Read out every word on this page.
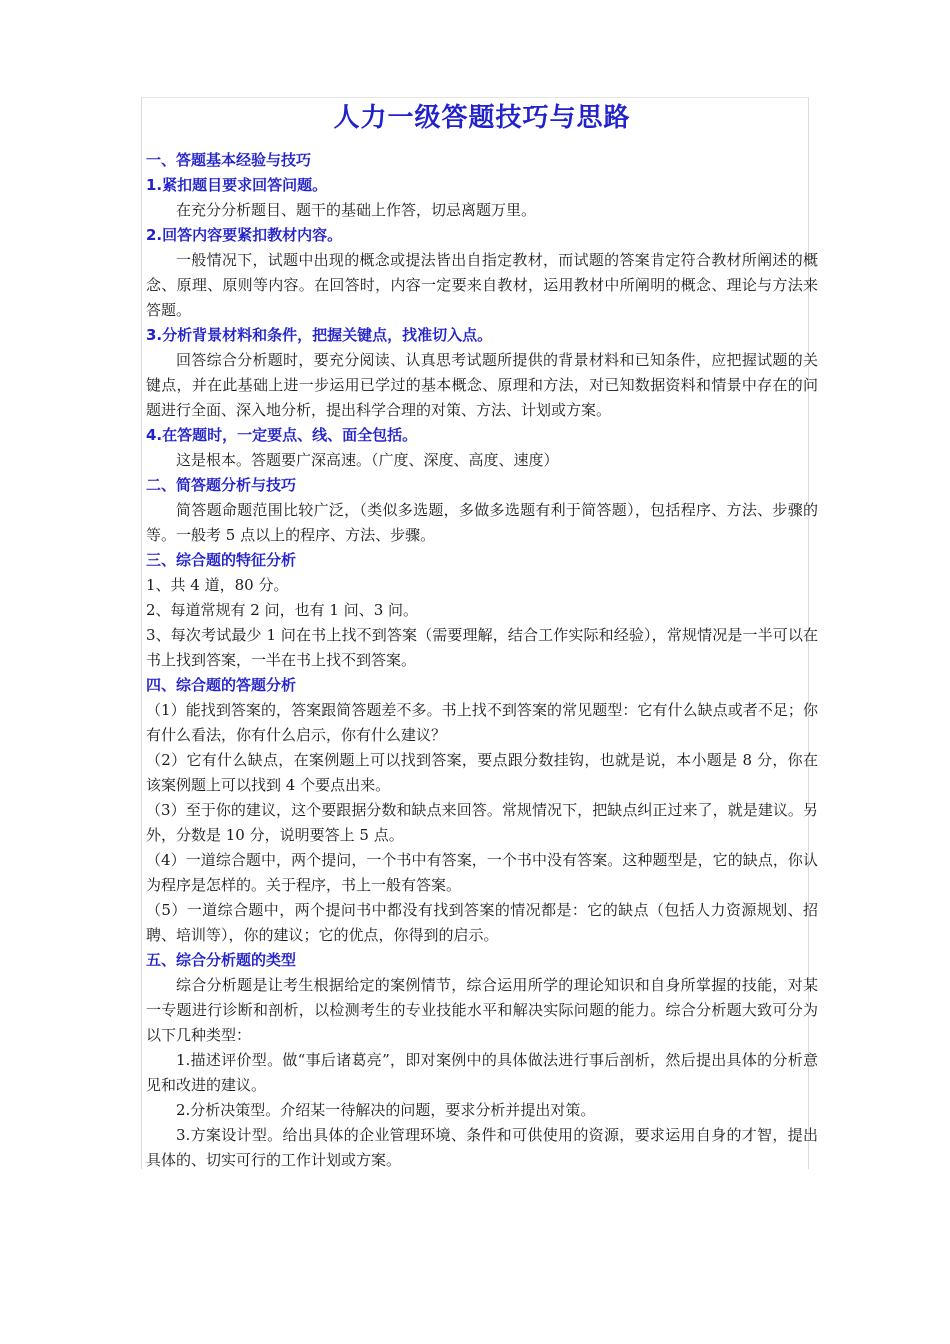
人力一级答题技巧与思路
一、答题基本经验与技巧
1.紧扣题目要求回答问题。

在充分分析题目、题干的基础上作答，切忌离题万里。

2.回答内容要紧扣教材内容。

一般情况下，试题中出现的概念或提法皆出自指定教材，而试题的答案肯定符合教材所阐述的概念、原理、原则等内容。在回答时，内容一定要来自教材，运用教材中所阐明的概念、理论与方法来答题。

3.分析背景材料和条件，把握关键点，找准切入点。

回答综合分析题时，要充分阅读、认真思考试题所提供的背景材料和已知条件，应把握试题的关键点，并在此基础上进一步运用已学过的基本概念、原理和方法，对已知数据资料和情景中存在的问题进行全面、深入地分析，提出科学合理的对策、方法、计划或方案。

4.在答题时，一定要点、线、面全包括。

这是根本。答题要广深高速。（广度、深度、高度、速度）

二、简答题分析与技巧

简答题命题范围比较广泛，（类似多选题，多做多选题有利于简答题），包括程序、方法、步骤的等。一般考 5 点以上的程序、方法、步骤。

三、综合题的特征分析

1、共 4 道，80 分。

2、每道常规有 2 问，也有 1 问、3 问。

3、每次考试最少 1 问在书上找不到答案（需要理解，结合工作实际和经验），常规情况是一半可以在书上找到答案，一半在书上找不到答案。

四、综合题的答题分析

（1）能找到答案的，答案跟简答题差不多。书上找不到答案的常见题型：它有什么缺点或者不足；你有什么看法，你有什么启示，你有什么建议？

（2）它有什么缺点，在案例题上可以找到答案，要点跟分数挂钩，也就是说，本小题是 8 分，你在该案例题上可以找到 4 个要点出来。

（3）至于你的建议，这个要跟据分数和缺点来回答。常规情况下，把缺点纠正过来了，就是建议。另外，分数是 10 分，说明要答上 5 点。

（4）一道综合题中，两个提问，一个书中有答案，一个书中没有答案。这种题型是，它的缺点，你认为程序是怎样的。关于程序，书上一般有答案。

（5）一道综合题中，两个提问书中都没有找到答案的情况都是：它的缺点（包括人力资源规划、招聘、培训等），你的建议；它的优点，你得到的启示。

五、综合分析题的类型

综合分析题是让考生根据给定的案例情节，综合运用所学的理论知识和自身所掌握的技能，对某一专题进行诊断和剖析，以检测考生的专业技能水平和解决实际问题的能力。综合分析题大致可分为以下几种类型：

1.描述评价型。做“事后诸葛亮”，即对案例中的具体做法进行事后剖析，然后提出具体的分析意见和改进的建议。

2.分析决策型。介绍某一待解决的问题，要求分析并提出对策。

3.方案设计型。给出具体的企业管理环境、条件和可供使用的资源，要求运用自身的才智，提出具体的、切实可行的工作计划或方案。
